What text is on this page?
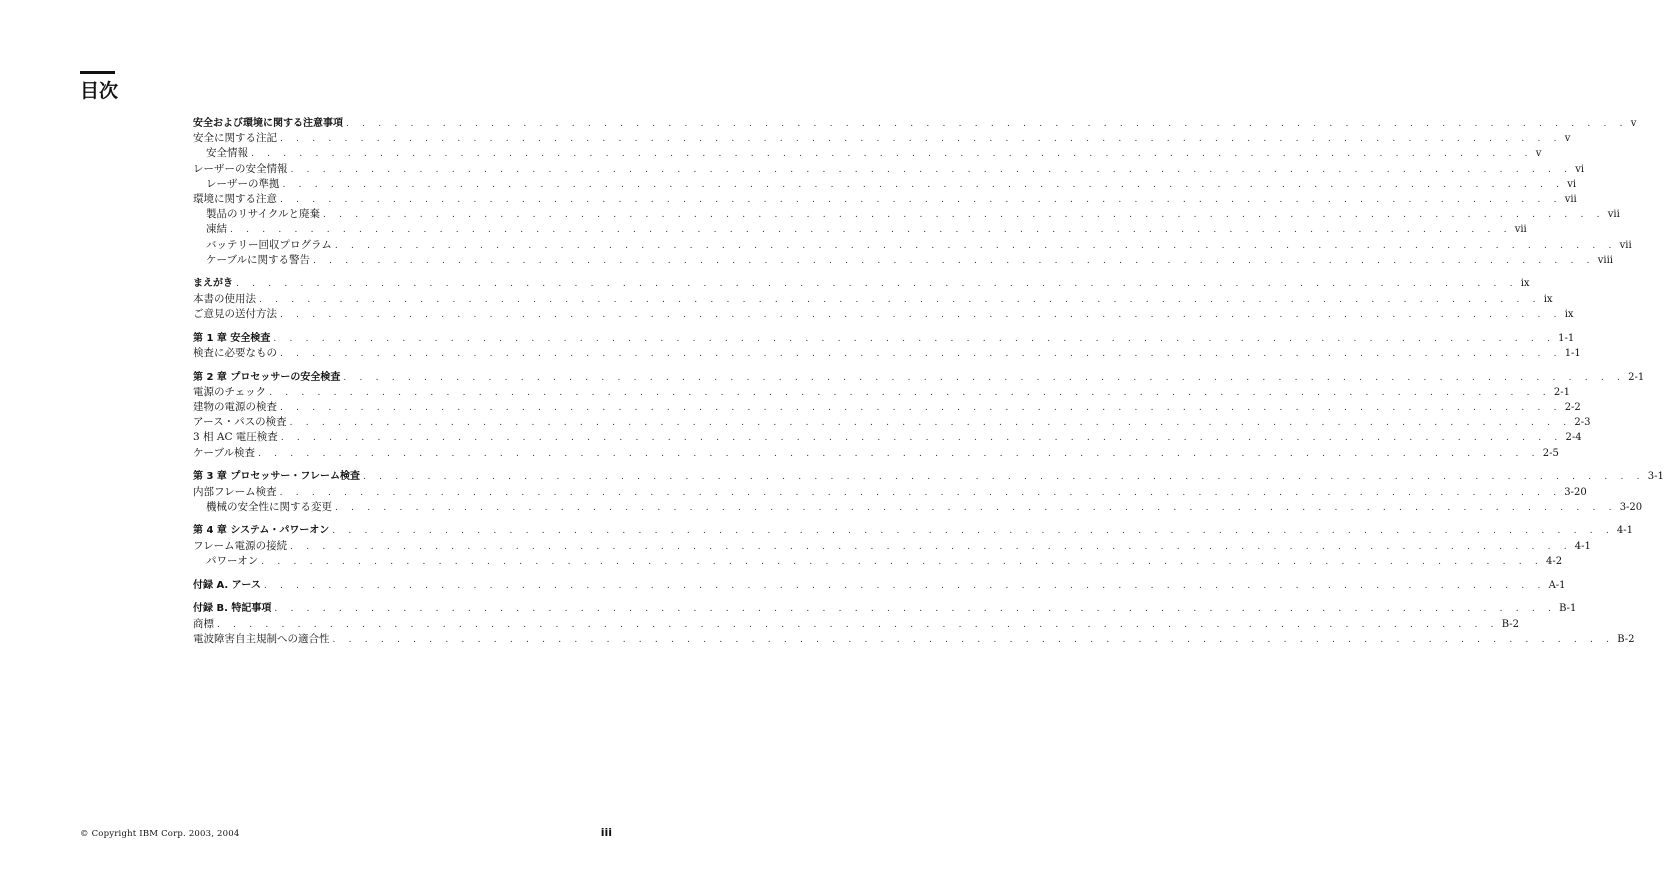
目次
安全および環境に関する注意事項 . . . . . . . . . . . . . . . . . . . . . . . . . . . . . . . . . . . . . . . . . . . . . . . . . . . . . . . . . . . . . . . . . . . . . . . . . . . . . . . . v
安全に関する注記 . . . . . . . . . . . . . . . . . . . . . . . . . . . . . . . . . . . . . . . . . . . . . . . . . . . . . . . . . . . . . . . . . . . . . . . . . . . . . . . . v
安全情報 . . . . . . . . . . . . . . . . . . . . . . . . . . . . . . . . . . . . . . . . . . . . . . . . . . . . . . . . . . . . . . . . . . . . . . . . . . . . . . . . v
レーザーの安全情報 . . . . . . . . . . . . . . . . . . . . . . . . . . . . . . . . . . . . . . . . . . . . . . . . . . . . . . . . . . . . . . . . . . . . . . . . . . . . . . . . vi
レーザーの準拠 . . . . . . . . . . . . . . . . . . . . . . . . . . . . . . . . . . . . . . . . . . . . . . . . . . . . . . . . . . . . . . . . . . . . . . . . . . . . . . . . vi
環境に関する注意 . . . . . . . . . . . . . . . . . . . . . . . . . . . . . . . . . . . . . . . . . . . . . . . . . . . . . . . . . . . . . . . . . . . . . . . . . . . . . . . . vii
製品のリサイクルと廃棄 . . . . . . . . . . . . . . . . . . . . . . . . . . . . . . . . . . . . . . . . . . . . . . . . . . . . . . . . . . . . . . . . . . . . . . . . . . . . . . . . vii
凍結 . . . . . . . . . . . . . . . . . . . . . . . . . . . . . . . . . . . . . . . . . . . . . . . . . . . . . . . . . . . . . . . . . . . . . . . . . . . . . . . . vii
バッテリー回収プログラム . . . . . . . . . . . . . . . . . . . . . . . . . . . . . . . . . . . . . . . . . . . . . . . . . . . . . . . . . . . . . . . . . . . . . . . . . . . . . . . . vii
ケーブルに関する警告 . . . . . . . . . . . . . . . . . . . . . . . . . . . . . . . . . . . . . . . . . . . . . . . . . . . . . . . . . . . . . . . . . . . . . . . . . . . . . . . . viii
まえがき . . . . . . . . . . . . . . . . . . . . . . . . . . . . . . . . . . . . . . . . . . . . . . . . . . . . . . . . . . . . . . . . . . . . . . . . . . . . . . . . ix
本書の使用法 . . . . . . . . . . . . . . . . . . . . . . . . . . . . . . . . . . . . . . . . . . . . . . . . . . . . . . . . . . . . . . . . . . . . . . . . . . . . . . . . ix
ご意見の送付方法 . . . . . . . . . . . . . . . . . . . . . . . . . . . . . . . . . . . . . . . . . . . . . . . . . . . . . . . . . . . . . . . . . . . . . . . . . . . . . . . . ix
第 1 章 安全検査 . . . . . . . . . . . . . . . . . . . . . . . . . . . . . . . . . . . . . . . . . . . . . . . . . . . . . . . . . . . . . . . . . . . . . . . . . . . . . . . . 1-1
検査に必要なもの . . . . . . . . . . . . . . . . . . . . . . . . . . . . . . . . . . . . . . . . . . . . . . . . . . . . . . . . . . . . . . . . . . . . . . . . . . . . . . . . 1-1
第 2 章 プロセッサーの安全検査 . . . . . . . . . . . . . . . . . . . . . . . . . . . . . . . . . . . . . . . . . . . . . . . . . . . . . . . . . . . . . . . . . . . . . . . . . . . . . . . . 2-1
電源のチェック . . . . . . . . . . . . . . . . . . . . . . . . . . . . . . . . . . . . . . . . . . . . . . . . . . . . . . . . . . . . . . . . . . . . . . . . . . . . . . . . 2-1
建物の電源の検査 . . . . . . . . . . . . . . . . . . . . . . . . . . . . . . . . . . . . . . . . . . . . . . . . . . . . . . . . . . . . . . . . . . . . . . . . . . . . . . . . 2-2
アース・パスの検査 . . . . . . . . . . . . . . . . . . . . . . . . . . . . . . . . . . . . . . . . . . . . . . . . . . . . . . . . . . . . . . . . . . . . . . . . . . . . . . . . 2-3
3 相 AC 電圧検査 . . . . . . . . . . . . . . . . . . . . . . . . . . . . . . . . . . . . . . . . . . . . . . . . . . . . . . . . . . . . . . . . . . . . . . . . . . . . . . . . 2-4
ケーブル検査 . . . . . . . . . . . . . . . . . . . . . . . . . . . . . . . . . . . . . . . . . . . . . . . . . . . . . . . . . . . . . . . . . . . . . . . . . . . . . . . . 2-5
第 3 章 プロセッサー・フレーム検査 . . . . . . . . . . . . . . . . . . . . . . . . . . . . . . . . . . . . . . . . . . . . . . . . . . . . . . . . . . . . . . . . . . . . . . . . . . . . . . . . 3-1
内部フレーム検査 . . . . . . . . . . . . . . . . . . . . . . . . . . . . . . . . . . . . . . . . . . . . . . . . . . . . . . . . . . . . . . . . . . . . . . . . . . . . . . . . 3-20
機械の安全性に関する変更 . . . . . . . . . . . . . . . . . . . . . . . . . . . . . . . . . . . . . . . . . . . . . . . . . . . . . . . . . . . . . . . . . . . . . . . . . . . . . . . . 3-20
第 4 章 システム・パワーオン . . . . . . . . . . . . . . . . . . . . . . . . . . . . . . . . . . . . . . . . . . . . . . . . . . . . . . . . . . . . . . . . . . . . . . . . . . . . . . . . 4-1
フレーム電源の接続 . . . . . . . . . . . . . . . . . . . . . . . . . . . . . . . . . . . . . . . . . . . . . . . . . . . . . . . . . . . . . . . . . . . . . . . . . . . . . . . . 4-1
パワーオン . . . . . . . . . . . . . . . . . . . . . . . . . . . . . . . . . . . . . . . . . . . . . . . . . . . . . . . . . . . . . . . . . . . . . . . . . . . . . . . . 4-2
付録 A. アース . . . . . . . . . . . . . . . . . . . . . . . . . . . . . . . . . . . . . . . . . . . . . . . . . . . . . . . . . . . . . . . . . . . . . . . . . . . . . . . . A-1
付録 B. 特記事項 . . . . . . . . . . . . . . . . . . . . . . . . . . . . . . . . . . . . . . . . . . . . . . . . . . . . . . . . . . . . . . . . . . . . . . . . . . . . . . . . B-1
商標 . . . . . . . . . . . . . . . . . . . . . . . . . . . . . . . . . . . . . . . . . . . . . . . . . . . . . . . . . . . . . . . . . . . . . . . . . . . . . . . . B-2
電波障害自主規制への適合性 . . . . . . . . . . . . . . . . . . . . . . . . . . . . . . . . . . . . . . . . . . . . . . . . . . . . . . . . . . . . . . . . . . . . . . . . . . . . . . . . B-2

© Copyright IBM Corp. 2003, 2004	iii
